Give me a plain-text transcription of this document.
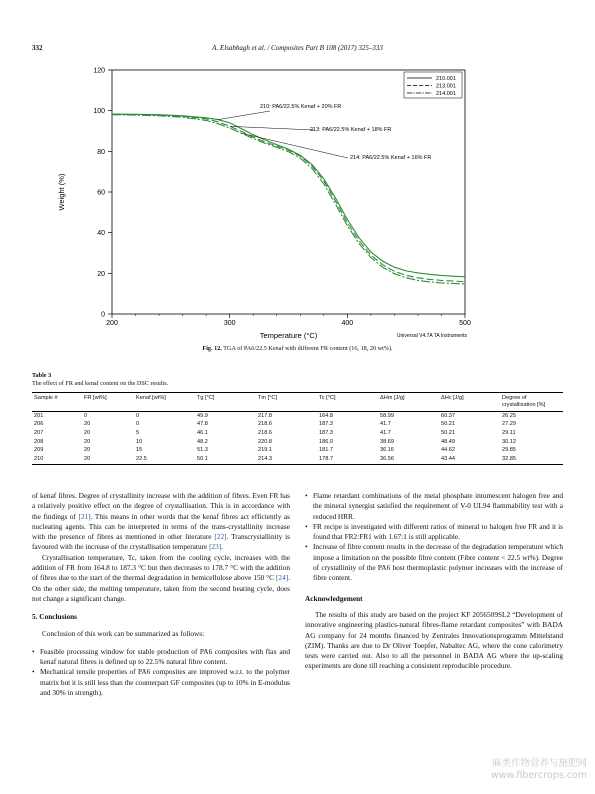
332	A. Elsabbagh et al. / Composites Part B 108 (2017) 325–333
0
20
40
60
80
100
120
200	300	400	500
Temperature (°C)
Weight (%)
Universal V4.7A TA Instruments
210.001
213.001
214.001
210: PA6/22.5% Kenaf + 20% FR
213: PA6/22.5% Kenaf + 18% FR
214: PA6/22.5% Kenaf + 16% FR
Fig. 12. TGA of PA6/22.5 Kenaf with different FR content (16, 18, 20 wt%).
Table 3
The effect of FR and kenaf content on the DSC results.
Sample #	FR [wt%]	Kenaf [wt%]	Tg [°C]	Tm [°C]	Tc [°C]	ΔHm [J/g]	ΔHc [J/g]	Degree of crystallisation [%]
201	0	0	49.9	217.8	164.8	58.99	60.37	26.25
206	20	0	47.8	218.6	187.3	41.7	50.21	27.29
207	20	5	46.1	218.6	187.3	41.7	50.21	29.11
208	20	10	48.2	220.8	186.0	38.69	48.49	30.12
209	20	15	51.3	219.1	181.7	36.16	44.62	29.85
210	20	22.5	50.1	214.3	178.7	36.56	43.44	32.85

of kenaf fibres. Degree of crystallinity increase with the addition of fibres. Even FR has a relatively positive effect on the degree of crystallisation. This is in accordance with the findings of [21]. This means in other words that the kenaf fibres act efficiently as nucleating agents. This can be interpreted in terms of the trans-crystallinity increase with the presence of fibres as mentioned in other literature [22]. Transcrystallinity is favoured with the increase of the crystallisation temperature [23].

Crystallisation temperature, Tc, taken from the cooling cycle, increases with the addition of FR from 164.8 to 187.3 °C but then decreases to 178.7 °C with the addition of fibres due to the start of the thermal degradation in hemicellulose above 150 °C [24]. On the other side, the melting temperature, taken from the second heating cycle, does not change a significant change.

5. Conclusions

Conclusion of this work can be summarized as follows:

• Feasible processing window for stable production of PA6 composites with flax and kenaf natural fibres is defined up to 22.5% natural fibre content.

• Mechanical tensile properties of PA6 composites are improved w.r.t. to the polymer matrix but it is still less than the counterpart GF composites (up to 10% in E-modulus and 30% in strength).

• Flame retardant combinations of the metal phosphate intumescent halogen free and the mineral synergist satisfied the requirement of V-0 UL94 flammability test with a reduced HRR.

• FR recipe is investigated with different ratios of mineral to halogen free FR and it is found that FR2:FR1 with 1.67:1 is still applicable.

• Increase of fibre content results in the decrease of the degradation temperature which impose a limitation on the possible fibre content (Fibre content < 22.5 wt%). Degree of crystallinity of the PA6 host thermoplastic polymer increases with the increase of fibre content.

Acknowledgement

The results of this study are based on the project KF 2056509SL2 “Development of innovative engineering plastics-natural fibres-flame retardant composites” with BADA AG company for 24 months financed by Zentrales Innovationsprogramm Mittelstand (ZIM). Thanks are due to Dr Oliver Toepfer, Nabaltec AG, where the cone calorimetry tests were carried out. Also to all the personnel in BADA AG where the up-scaling experiments are done till reaching a consistent reproducible procedure.

麻类作物营养与施肥网
www.fibercrops.com
